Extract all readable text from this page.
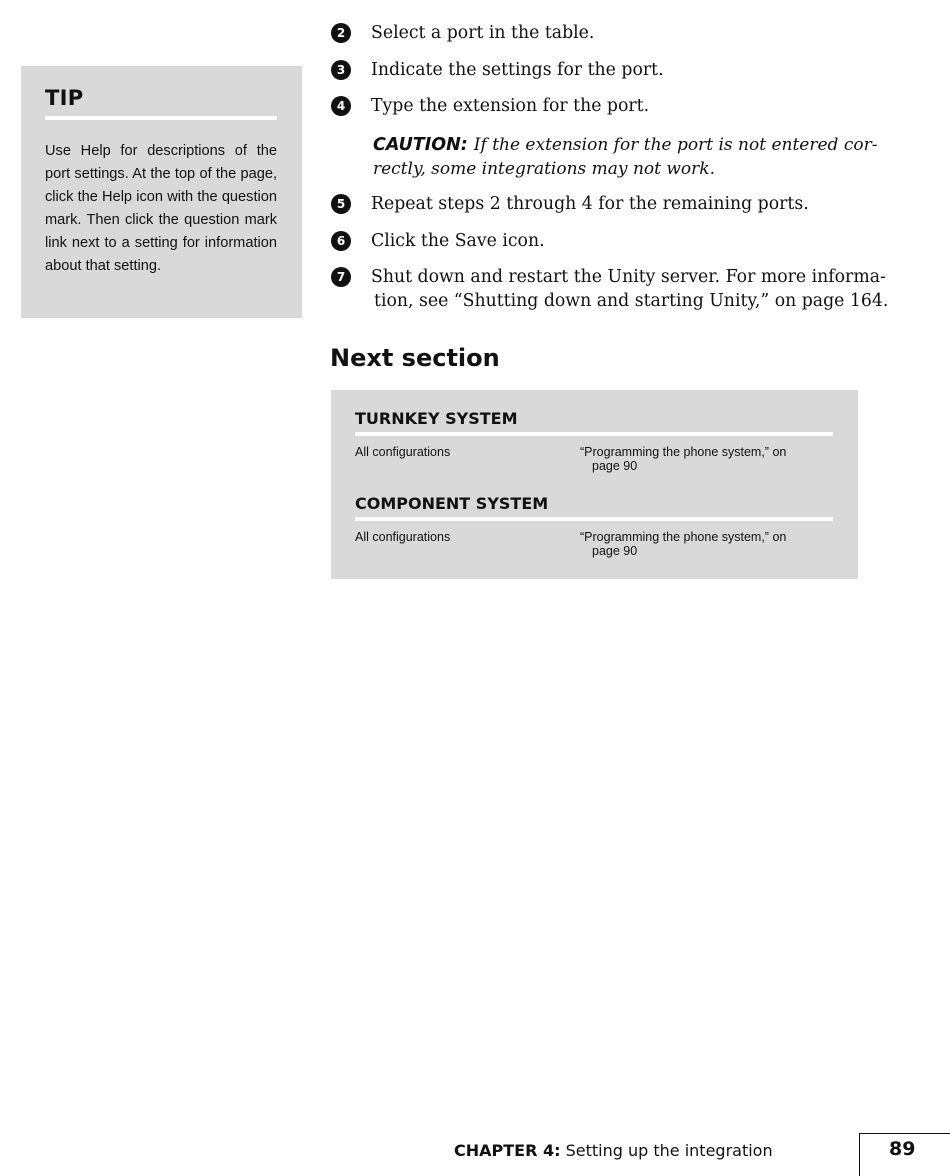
TIP
Use Help for descriptions of the port settings. At the top of the page, click the Help icon with the question mark. Then click the question mark link next to a setting for information about that setting.
2	Select a port in the table.
3	Indicate the settings for the port.
4	Type the extension for the port.
CAUTION: If the extension for the port is not entered cor-
rectly, some integrations may not work.
5	Repeat steps 2 through 4 for the remaining ports.
6	Click the Save icon.
7	Shut down and restart the Unity server. For more informa-
tion, see “Shutting down and starting Unity,” on page 164.
Next section
TURNKEY SYSTEM
All configurations	“Programming the phone system,” on
page 90
COMPONENT SYSTEM
All configurations	“Programming the phone system,” on
page 90
CHAPTER 4: Setting up the integration	89
